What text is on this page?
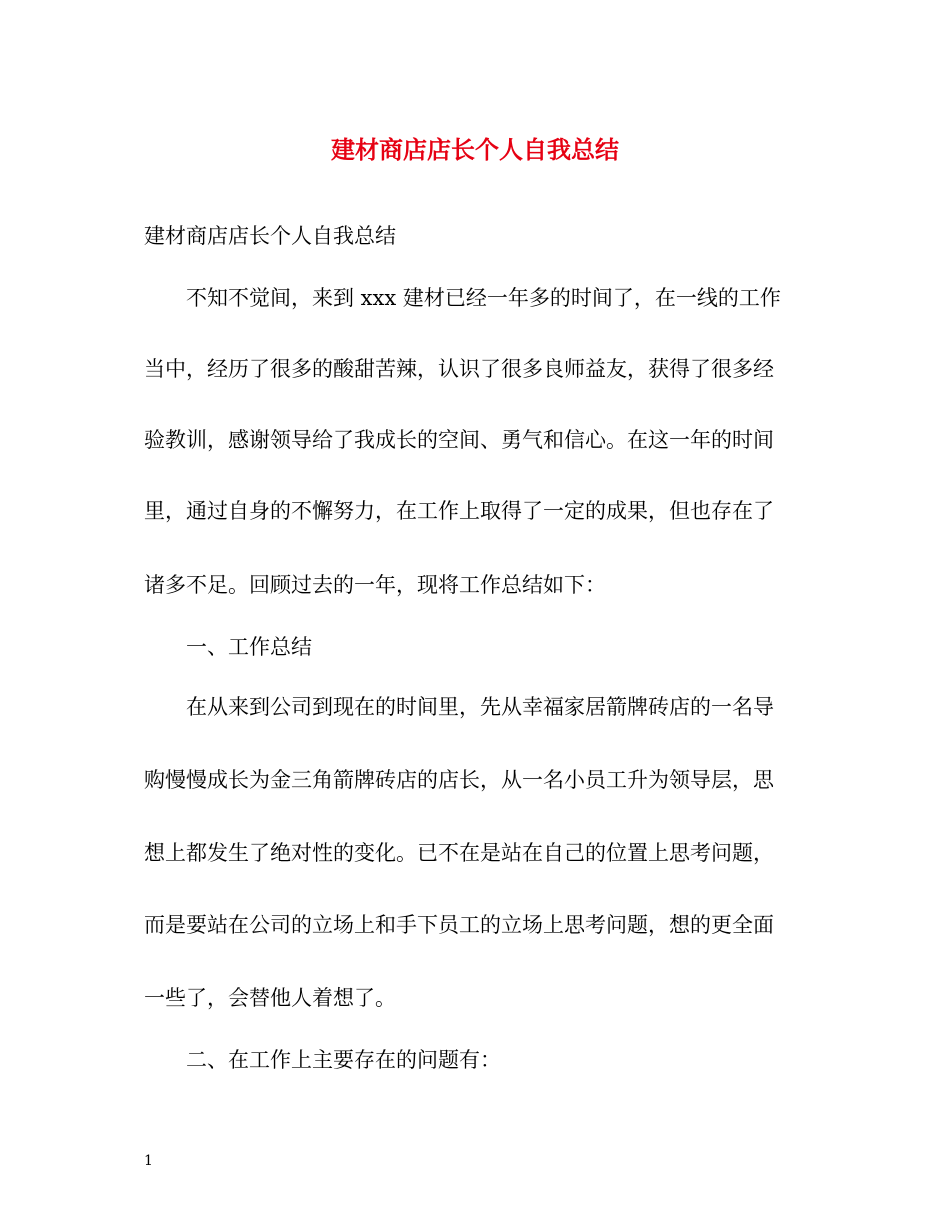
建材商店店长个人自我总结
建材商店店长个人自我总结
不知不觉间，来到 xxx 建材已经一年多的时间了，在一线的工作
当中，经历了很多的酸甜苦辣，认识了很多良师益友，获得了很多经
验教训，感谢领导给了我成长的空间、勇气和信心。在这一年的时间
里，通过自身的不懈努力，在工作上取得了一定的成果，但也存在了
诸多不足。回顾过去的一年，现将工作总结如下：
一、工作总结
在从来到公司到现在的时间里，先从幸福家居箭牌砖店的一名导
购慢慢成长为金三角箭牌砖店的店长，从一名小员工升为领导层，思
想上都发生了绝对性的变化。已不在是站在自己的位置上思考问题，
而是要站在公司的立场上和手下员工的立场上思考问题，想的更全面
一些了，会替他人着想了。
二、在工作上主要存在的问题有：
1
